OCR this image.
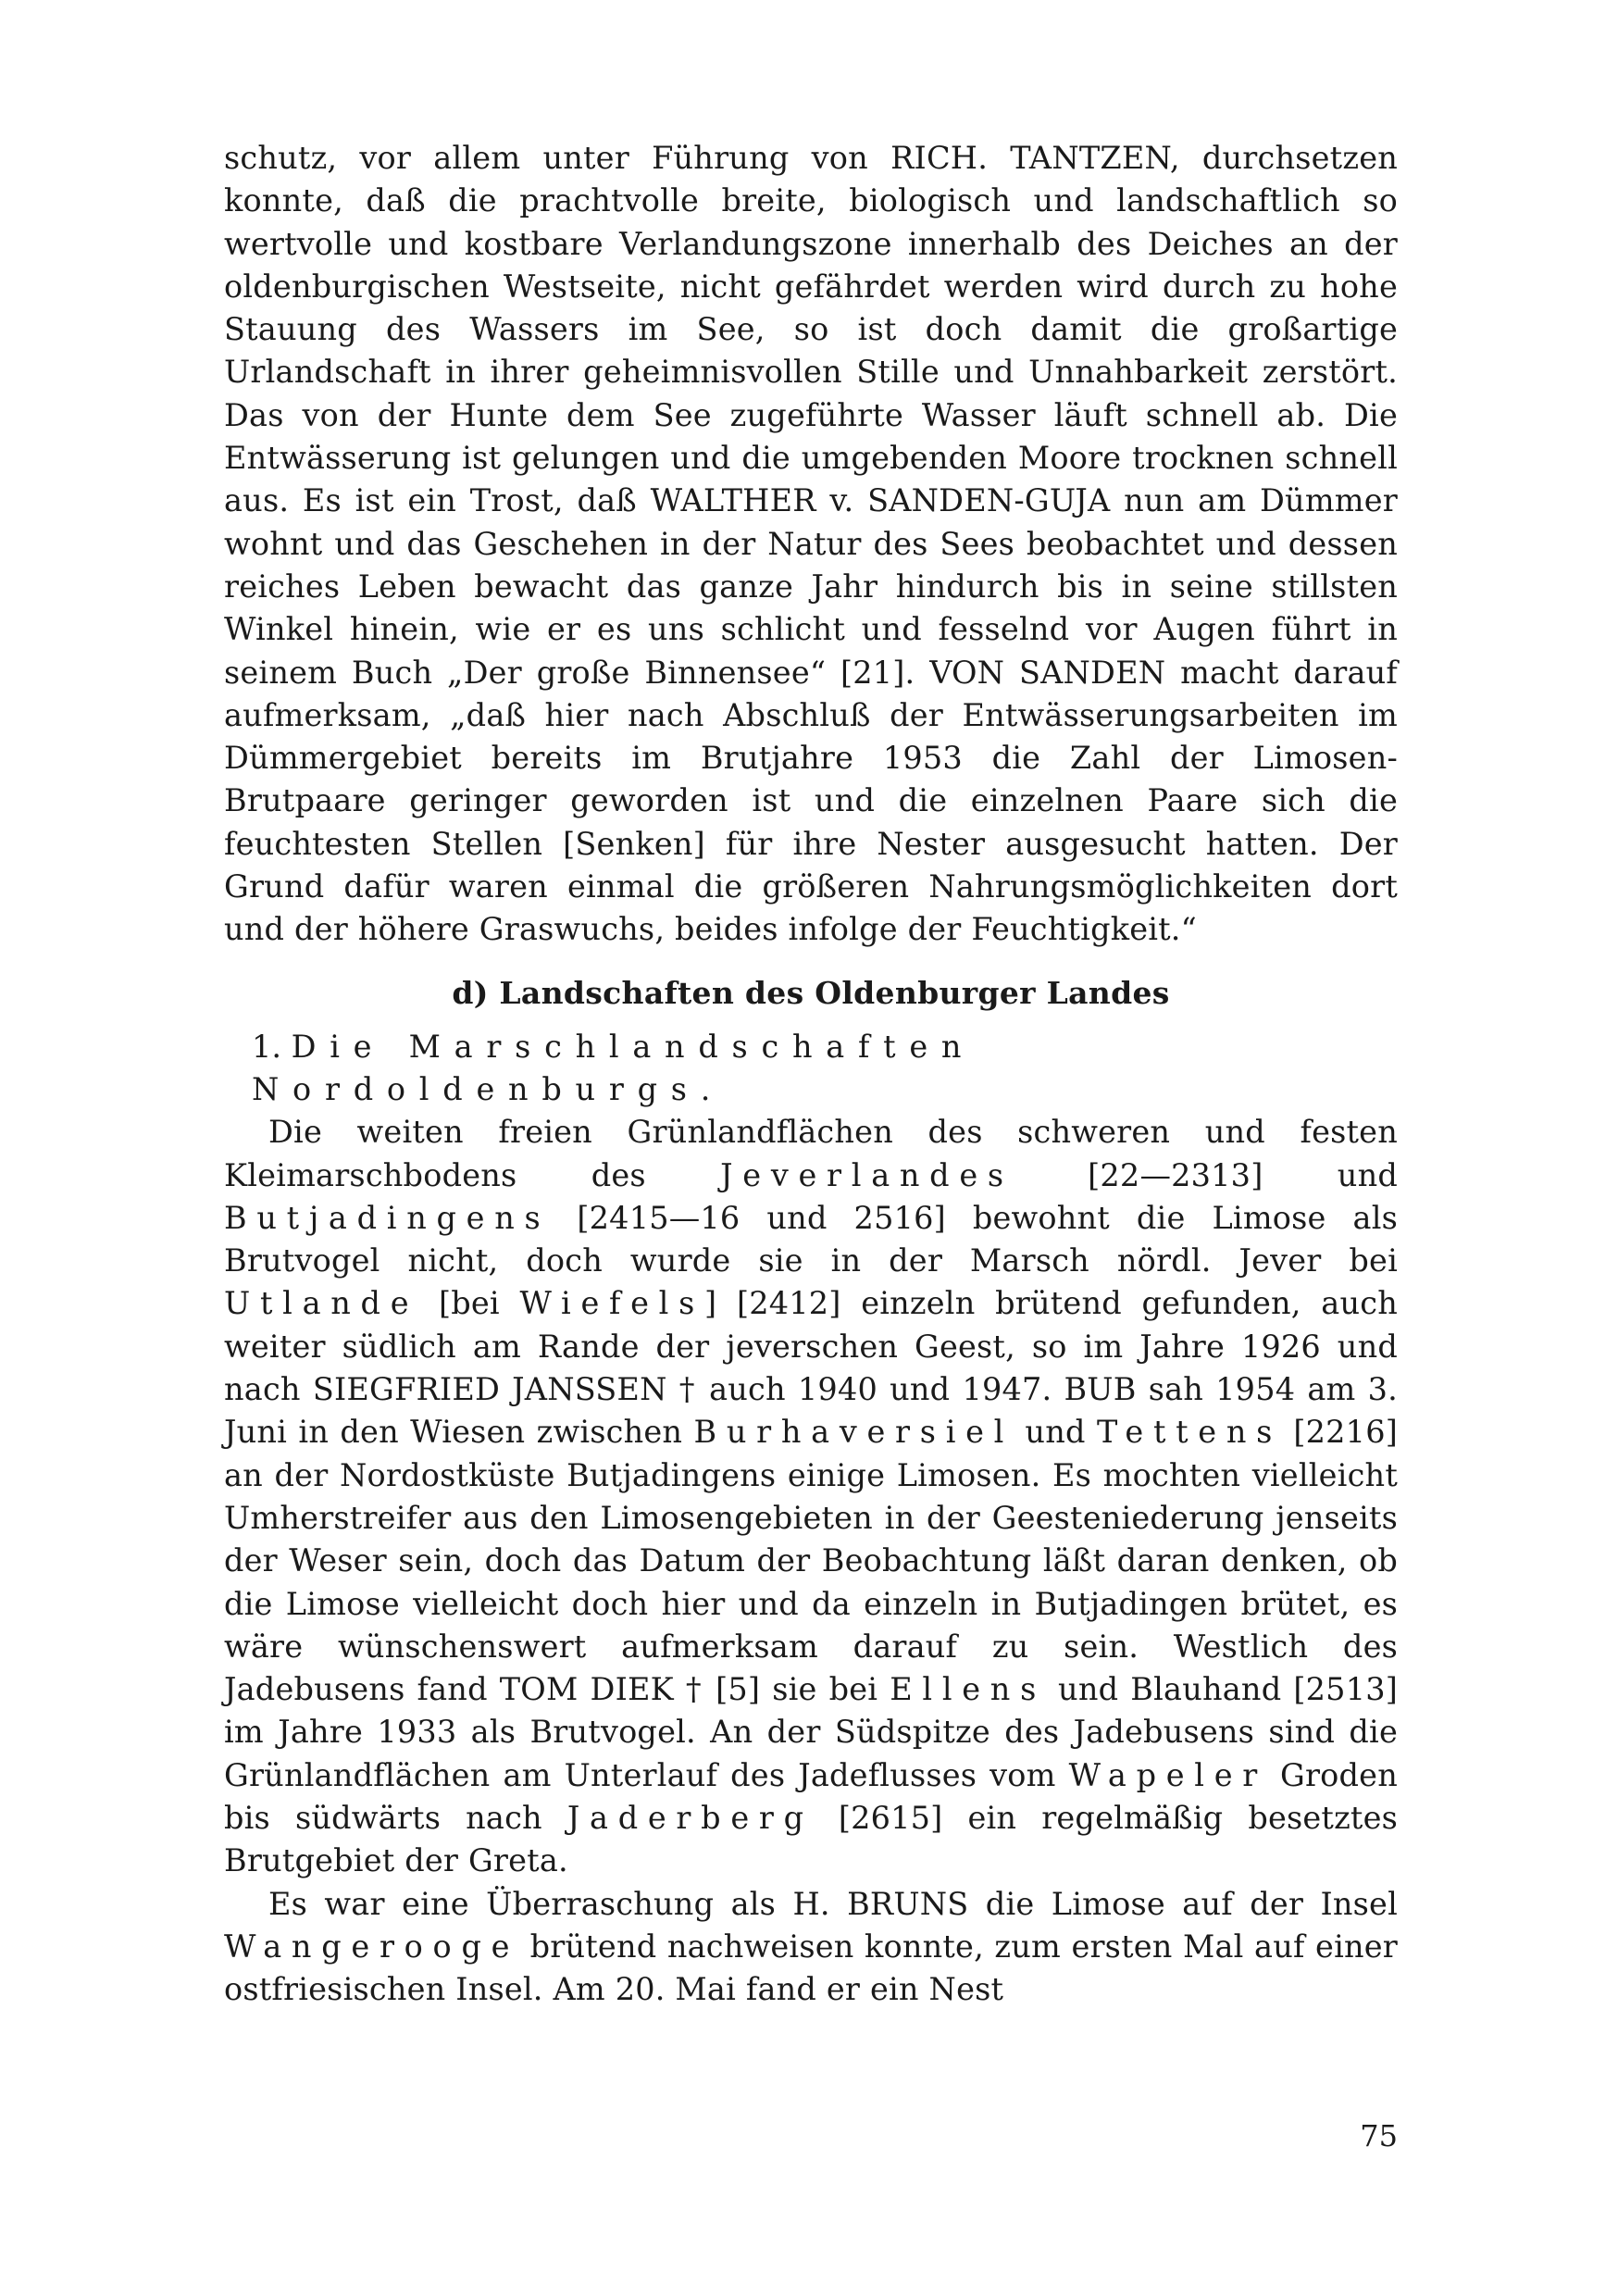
schutz, vor allem unter Führung von RICH. TANTZEN, durchsetzen konnte, daß die prachtvolle breite, biologisch und landschaftlich so wertvolle und kostbare Verlandungszone innerhalb des Deiches an der oldenburgischen Westseite, nicht gefährdet werden wird durch zu hohe Stauung des Wassers im See, so ist doch damit die großartige Urlandschaft in ihrer geheimnisvollen Stille und Unnahbarkeit zerstört. Das von der Hunte dem See zugeführte Wasser läuft schnell ab. Die Entwässerung ist gelungen und die umgebenden Moore trocknen schnell aus. Es ist ein Trost, daß WALTHER v. SANDEN-GUJA nun am Dümmer wohnt und das Geschehen in der Natur des Sees beobachtet und dessen reiches Leben bewacht das ganze Jahr hindurch bis in seine stillsten Winkel hinein, wie er es uns schlicht und fesselnd vor Augen führt in seinem Buch „Der große Binnensee“ [21]. VON SANDEN macht darauf aufmerksam, „daß hier nach Abschluß der Entwässerungsarbeiten im Dümmergebiet bereits im Brutjahre 1953 die Zahl der Limosen-Brutpaare geringer geworden ist und die einzelnen Paare sich die feuchtesten Stellen [Senken] für ihre Nester ausgesucht hatten. Der Grund dafür waren einmal die größeren Nahrungsmöglichkeiten dort und der höhere Graswuchs, beides infolge der Feuchtigkeit.“

d) Landschaften des Oldenburger Landes

1. Die Marschlandschaften Nordoldenburgs.

Die weiten freien Grünlandflächen des schweren und festen Kleimarschbodens des Jeverlandes [22—2313] und Butjadingens [2415—16 und 2516] bewohnt die Limose als Brutvogel nicht, doch wurde sie in der Marsch nördl. Jever bei Utlande [bei Wiefels] [2412] einzeln brütend gefunden, auch weiter südlich am Rande der jeverschen Geest, so im Jahre 1926 und nach SIEGFRIED JANSSEN † auch 1940 und 1947. BUB sah 1954 am 3. Juni in den Wiesen zwischen Burhaversiel und Tettens [2216] an der Nordostküste Butjadingens einige Limosen. Es mochten vielleicht Umherstreifer aus den Limosengebieten in der Geesteniederung jenseits der Weser sein, doch das Datum der Beobachtung läßt daran denken, ob die Limose vielleicht doch hier und da einzeln in Butjadingen brütet, es wäre wünschenswert aufmerksam darauf zu sein. Westlich des Jadebusens fand TOM DIEK † [5] sie bei Ellens und Blauhand [2513] im Jahre 1933 als Brutvogel. An der Südspitze des Jadebusens sind die Grünlandflächen am Unterlauf des Jadeflusses vom Wapeler Groden bis südwärts nach Jaderberg [2615] ein regelmäßig besetztes Brutgebiet der Greta.

Es war eine Überraschung als H. BRUNS die Limose auf der Insel Wangerooge brütend nachweisen konnte, zum ersten Mal auf einer ostfriesischen Insel. Am 20. Mai fand er ein Nest

75
